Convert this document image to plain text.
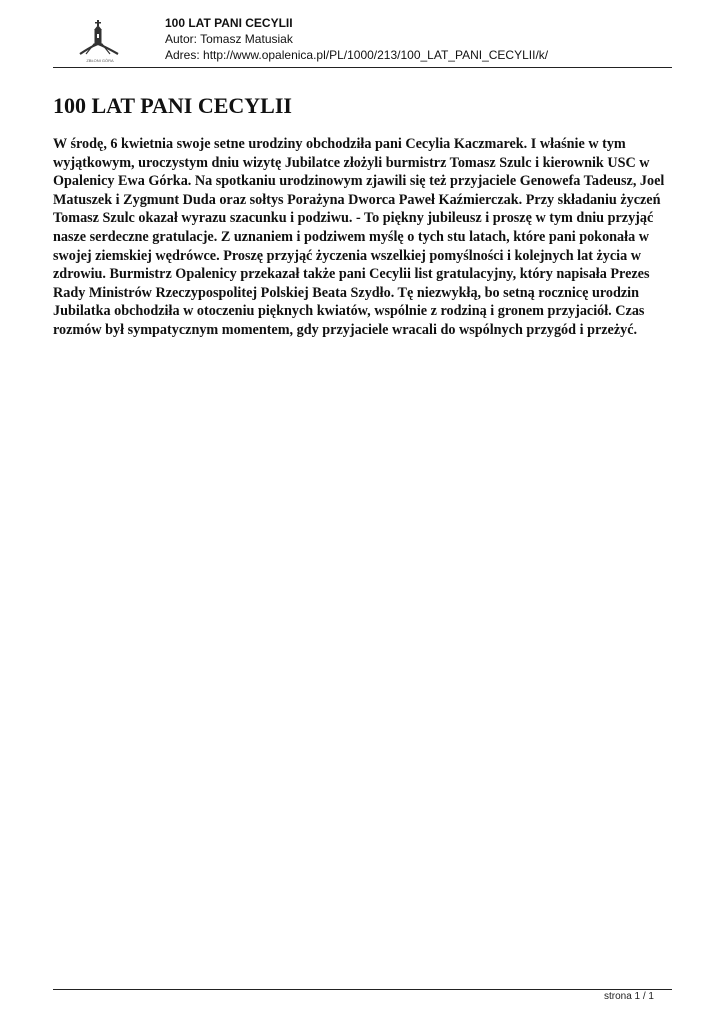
ZBŁONI GÓRA
100 LAT PANI CECYLII
Autor: Tomasz Matusiak
Adres: http://www.opalenica.pl/PL/1000/213/100_LAT_PANI_CECYLII/k/
100 LAT PANI CECYLII

W środę, 6 kwietnia swoje setne urodziny obchodziła pani Cecylia Kaczmarek. I właśnie w tym wyjątkowym, uroczystym dniu wizytę Jubilatce złożyli burmistrz Tomasz Szulc i kierownik USC w Opalenicy Ewa Górka. Na spotkaniu urodzinowym zjawili się też przyjaciele Genowefa Tadeusz, Joel Matuszek i Zygmunt Duda oraz sołtys Porażyna Dworca Paweł Kaźmierczak. Przy składaniu życzeń Tomasz Szulc okazał wyrazu szacunku i podziwu. - To piękny jubileusz i proszę w tym dniu przyjąć nasze serdeczne gratulacje. Z uznaniem i podziwem myślę o tych stu latach, które pani pokonała w swojej ziemskiej wędrówce. Proszę przyjąć życzenia wszelkiej pomyślności i kolejnych lat życia w zdrowiu. Burmistrz Opalenicy przekazał także pani Cecylii list gratulacyjny, który napisała Prezes Rady Ministrów Rzeczypospolitej Polskiej Beata Szydło. Tę niezwykłą, bo setną rocznicę urodzin Jubilatka obchodziła w otoczeniu pięknych kwiatów, wspólnie z rodziną i gronem przyjaciół. Czas rozmów był sympatycznym momentem, gdy przyjaciele wracali do wspólnych przygód i przeżyć.

strona 1 / 1
